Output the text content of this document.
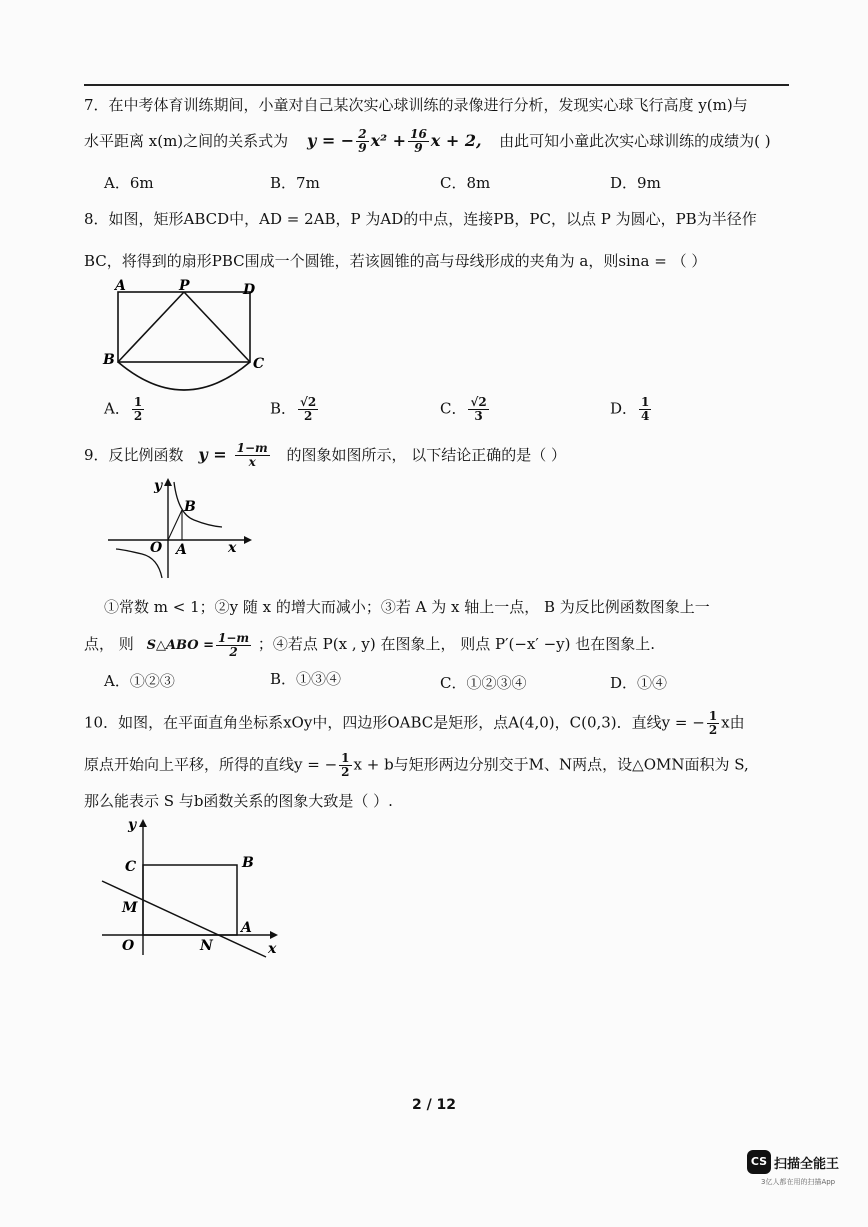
7．在中考体育训练期间，小童对自己某次实心球训练的录像进行分析，发现实心球飞行高度 y(m)与
水平距离 x(m)之间的关系式为 y = − $\frac{2}{9} x^2 + \frac{16}{9}$ x + 2, 由此可知小童此次实心球训练的成绩为( )
A．6m	B．7m	C．8m	D．9m
8．如图，矩形ABCD中，AD = 2AB，P 为AD的中点，连接PB，PC，以点 P 为圆心，PB为半径作
BC，将得到的扇形PBC围成一个圆锥，若该圆锥的高与母线形成的夹角为 a，则sina = （ ）
A	P	D
B	C
A． $\frac{1}{2}$	B． $\frac{√2}{2}$	C． $\frac{√2}{3}$	D． $\frac{1}{4}$
9．反比例函数 $y = \frac{1-m}{x}$ 的图象如图所示， 以下结论正确的是（ ）
y
B
O A	x
①常数 m < 1；②y 随 x 的增大而减小；③若 A 为 x 轴上一点， B 为反比例函数图象上一
点， 则 S△ABO = $\frac{1-m}{2}$ ；④若点 P(x , y) 在图象上， 则点 P′(−x′ −y) 也在图象上.
A．①②③	B．①③④	C．①②③④	D．①④
10．如图，在平面直角坐标系xOy中，四边形OABC是矩形，点A(4,0)，C(0,3)．直线y = − $\frac{1}{2}$ x由
原点开始向上平移，所得的直线y = − $\frac{1}{2}$ x + b与矩形两边分别交于M、N两点，设△OMN面积为 S,
那么能表示 S 与b函数关系的图象大致是（ ）.
y
C	B
M
O	N
A
x
2 / 12
CS 扫描全能王
3亿人都在用的扫描App
